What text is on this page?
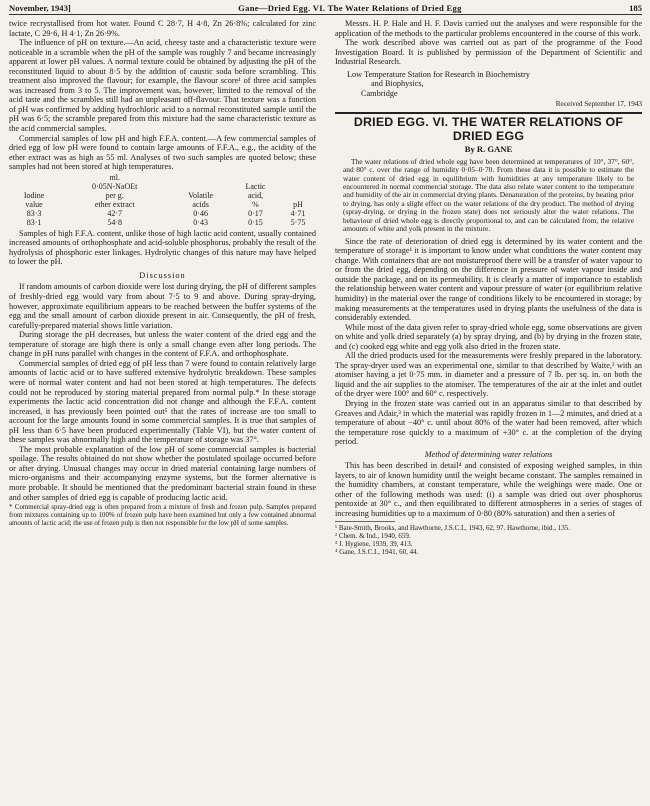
November, 1943]	Gane—Dried Egg. VI. The Water Relations of Dried Egg	185

twice recrystallised from hot water. Found C 28·7, H 4·8, Zn 26·8%; calculated for zinc lactate, C 29·6, H 4·1, Zn 26·9%.

The influence of pH on texture.—An acid, cheesy taste and a characteristic texture were noticeable in a scramble when the pH of the sample was roughly 7 and became increasingly apparent at lower pH values. A normal texture could be obtained by adjusting the pH of the reconstituted liquid to about 8·5 by the addition of caustic soda before scrambling. This treatment also improved the flavour; for example, the flavour score¹ of three acid samples was increased from 3 to 5. The improvement was, however, limited to the removal of the acid taste and the scrambles still had an unpleasant off-flavour. That texture was a function of pH was confirmed by adding hydrochloric acid to a normal reconstituted sample until the pH was 6·5; the scramble prepared from this mixture had the same characteristic texture as the acid commercial samples.

Commercial samples of low pH and high F.F.A. content.—A few commercial samples of dried egg of low pH were found to contain large amounts of F.F.A., e.g., the acidity of the ether extract was as high as 55 ml. Analyses of two such samples are quoted below; these samples had not been stored at high temperatures.

	ml.			
	0·05N-NaOEt		Lactic	
Iodine	per g.	Volatile	acid,	
value	ether extract	acids	%	pH
83·3	42·7	0·46	0·17	4·71
83·1	54·8	0·43	0·15	5·75

Samples of high F.F.A. content, unlike those of high lactic acid content, usually contained increased amounts of orthophosphate and acid-soluble phosphorus, probably the result of the hydrolysis of phosphoric ester linkages. Hydrolytic changes of this nature may have helped to lower the pH.

Discussion

If random amounts of carbon dioxide were lost during drying, the pH of different samples of freshly-dried egg would vary from about 7·5 to 9 and above. During spray-drying, however, approximate equilibrium appears to be reached between the buffer systems of the egg and the small amount of carbon dioxide present in air. Consequently, the pH of fresh, carefully-prepared material shows little variation.

During storage the pH decreases, but unless the water content of the dried egg and the temperature of storage are high there is only a small change even after long periods. The change in pH runs parallel with changes in the content of F.F.A. and orthophosphate.

Commercial samples of dried egg of pH less than 7 were found to contain relatively large amounts of lactic acid or to have suffered extensive hydrolytic breakdown. These samples were of normal water content and had not been stored at high temperatures. The defects could not be reproduced by storing material prepared from normal pulp.* In these storage experiments the lactic acid concentration did not change and although the F.F.A. content increased, it has previously been pointed out⁵ that the rates of increase are too small to account for the large amounts found in some commercial samples. It is true that samples of pH less than 6·5 have been produced experimentally (Table VI), but the water content of these samples was abnormally high and the temperature of storage was 37°.

The most probable explanation of the low pH of some commercial samples is bacterial spoilage. The results obtained do not show whether the postulated spoilage occurred before or after drying. Unusual changes may occur in dried material containing large numbers of micro-organisms and their accompanying enzyme systems, but the former alternative is more probable. It should be mentioned that the predominant bacterial strain found in these and other samples of dried egg is capable of producing lactic acid.

* Commercial spray-dried egg is often prepared from a mixture of fresh and frozen pulp. Samples prepared from mixtures containing up to 100% of frozen pulp have been examined but only a few contained abnormal amounts of lactic acid; the use of frozen pulp is then not responsible for the low pH of some samples.

Messrs. H. P. Hale and H. F. Davis carried out the analyses and were responsible for the application of the methods to the particular problems encountered in the course of this work.

The work described above was carried out as part of the programme of the Food Investigation Board. It is published by permission of the Department of Scientific and Industrial Research.

Low Temperature Station for Research in Biochemistry
and Biophysics,
Cambridge
Received September 17, 1943
DRIED EGG. VI. THE WATER RELATIONS OF DRIED EGG
By R. GANE
The water relations of dried whole egg have been determined at temperatures of 10°, 37°, 60°, and 80° c. over the range of humidity 0·05–0·70. From these data it is possible to estimate the water content of dried egg in equilibrium with humidities at any temperature likely to be encountered in normal commercial storage. The data also relate water content to the temperature and humidity of the air in commercial drying plants. Denaturation of the proteins, by heating prior to drying, has only a slight effect on the water relations of the dry product. The method of drying (spray-drying, or drying in the frozen state) does not seriously alter the water relations. The behaviour of dried whole egg is directly proportional to, and can be calculated from, the relative amounts of white and yolk present in the mixture.

Since the rate of deterioration of dried egg is determined by its water content and the temperature of storage¹ it is important to know under what conditions the water content may change. With containers that are not moistureproof there will be a transfer of water vapour to or from the dried egg, depending on the difference in pressure of water vapour inside and outside the package, and on its permeability. It is clearly a matter of importance to establish the relationship between water content and vapour pressure of water (or equilibrium relative humidity) in the material over the range of conditions likely to be encountered in storage; by making measurements at the temperatures used in drying plants the usefulness of the data is considerably extended.

While most of the data given refer to spray-dried whole egg, some observations are given on white and yolk dried separately (a) by spray drying, and (b) by drying in the frozen state, and (c) cooked egg white and egg yolk also dried in the frozen state.

All the dried products used for the measurements were freshly prepared in the laboratory. The spray-dryer used was an experimental one, similar to that described by Waite,² with an atomiser having a jet 0·75 mm. in diameter and a pressure of 7 lb. per sq. in. on both the liquid and the air supplies to the atomiser. The temperatures of the air at the inlet and outlet of the dryer were 100° and 60° c. respectively.

Drying in the frozen state was carried out in an apparatus similar to that described by Greaves and Adair,³ in which the material was rapidly frozen in 1—2 minutes, and dried at a temperature of about −40° c. until about 80% of the water had been removed, after which the temperature rose quickly to a maximum of +30° c. at the completion of the drying period.

Method of determining water relations

This has been described in detail⁴ and consisted of exposing weighed samples, in thin layers, to air of known humidity until the weight became constant. The samples remained in the humidity chambers, at constant temperature, while the weighings were made. One or other of the following methods was used: (i) a sample was dried out over phosphorus pentoxide at 30° c., and then equilibrated to different atmospheres in a series of stages of increasing humidities up to a maximum of 0·80 (80% saturation) and then a series of

¹ Bate-Smith, Brooks, and Hawthorne, J.S.C.I., 1943, 62, 97. Hawthorne, ibid., 135.
² Chem. & Ind., 1940, 659.
³ J. Hygiene, 1939, 39, 413.
⁴ Gane, J.S.C.I., 1941, 60, 44.
